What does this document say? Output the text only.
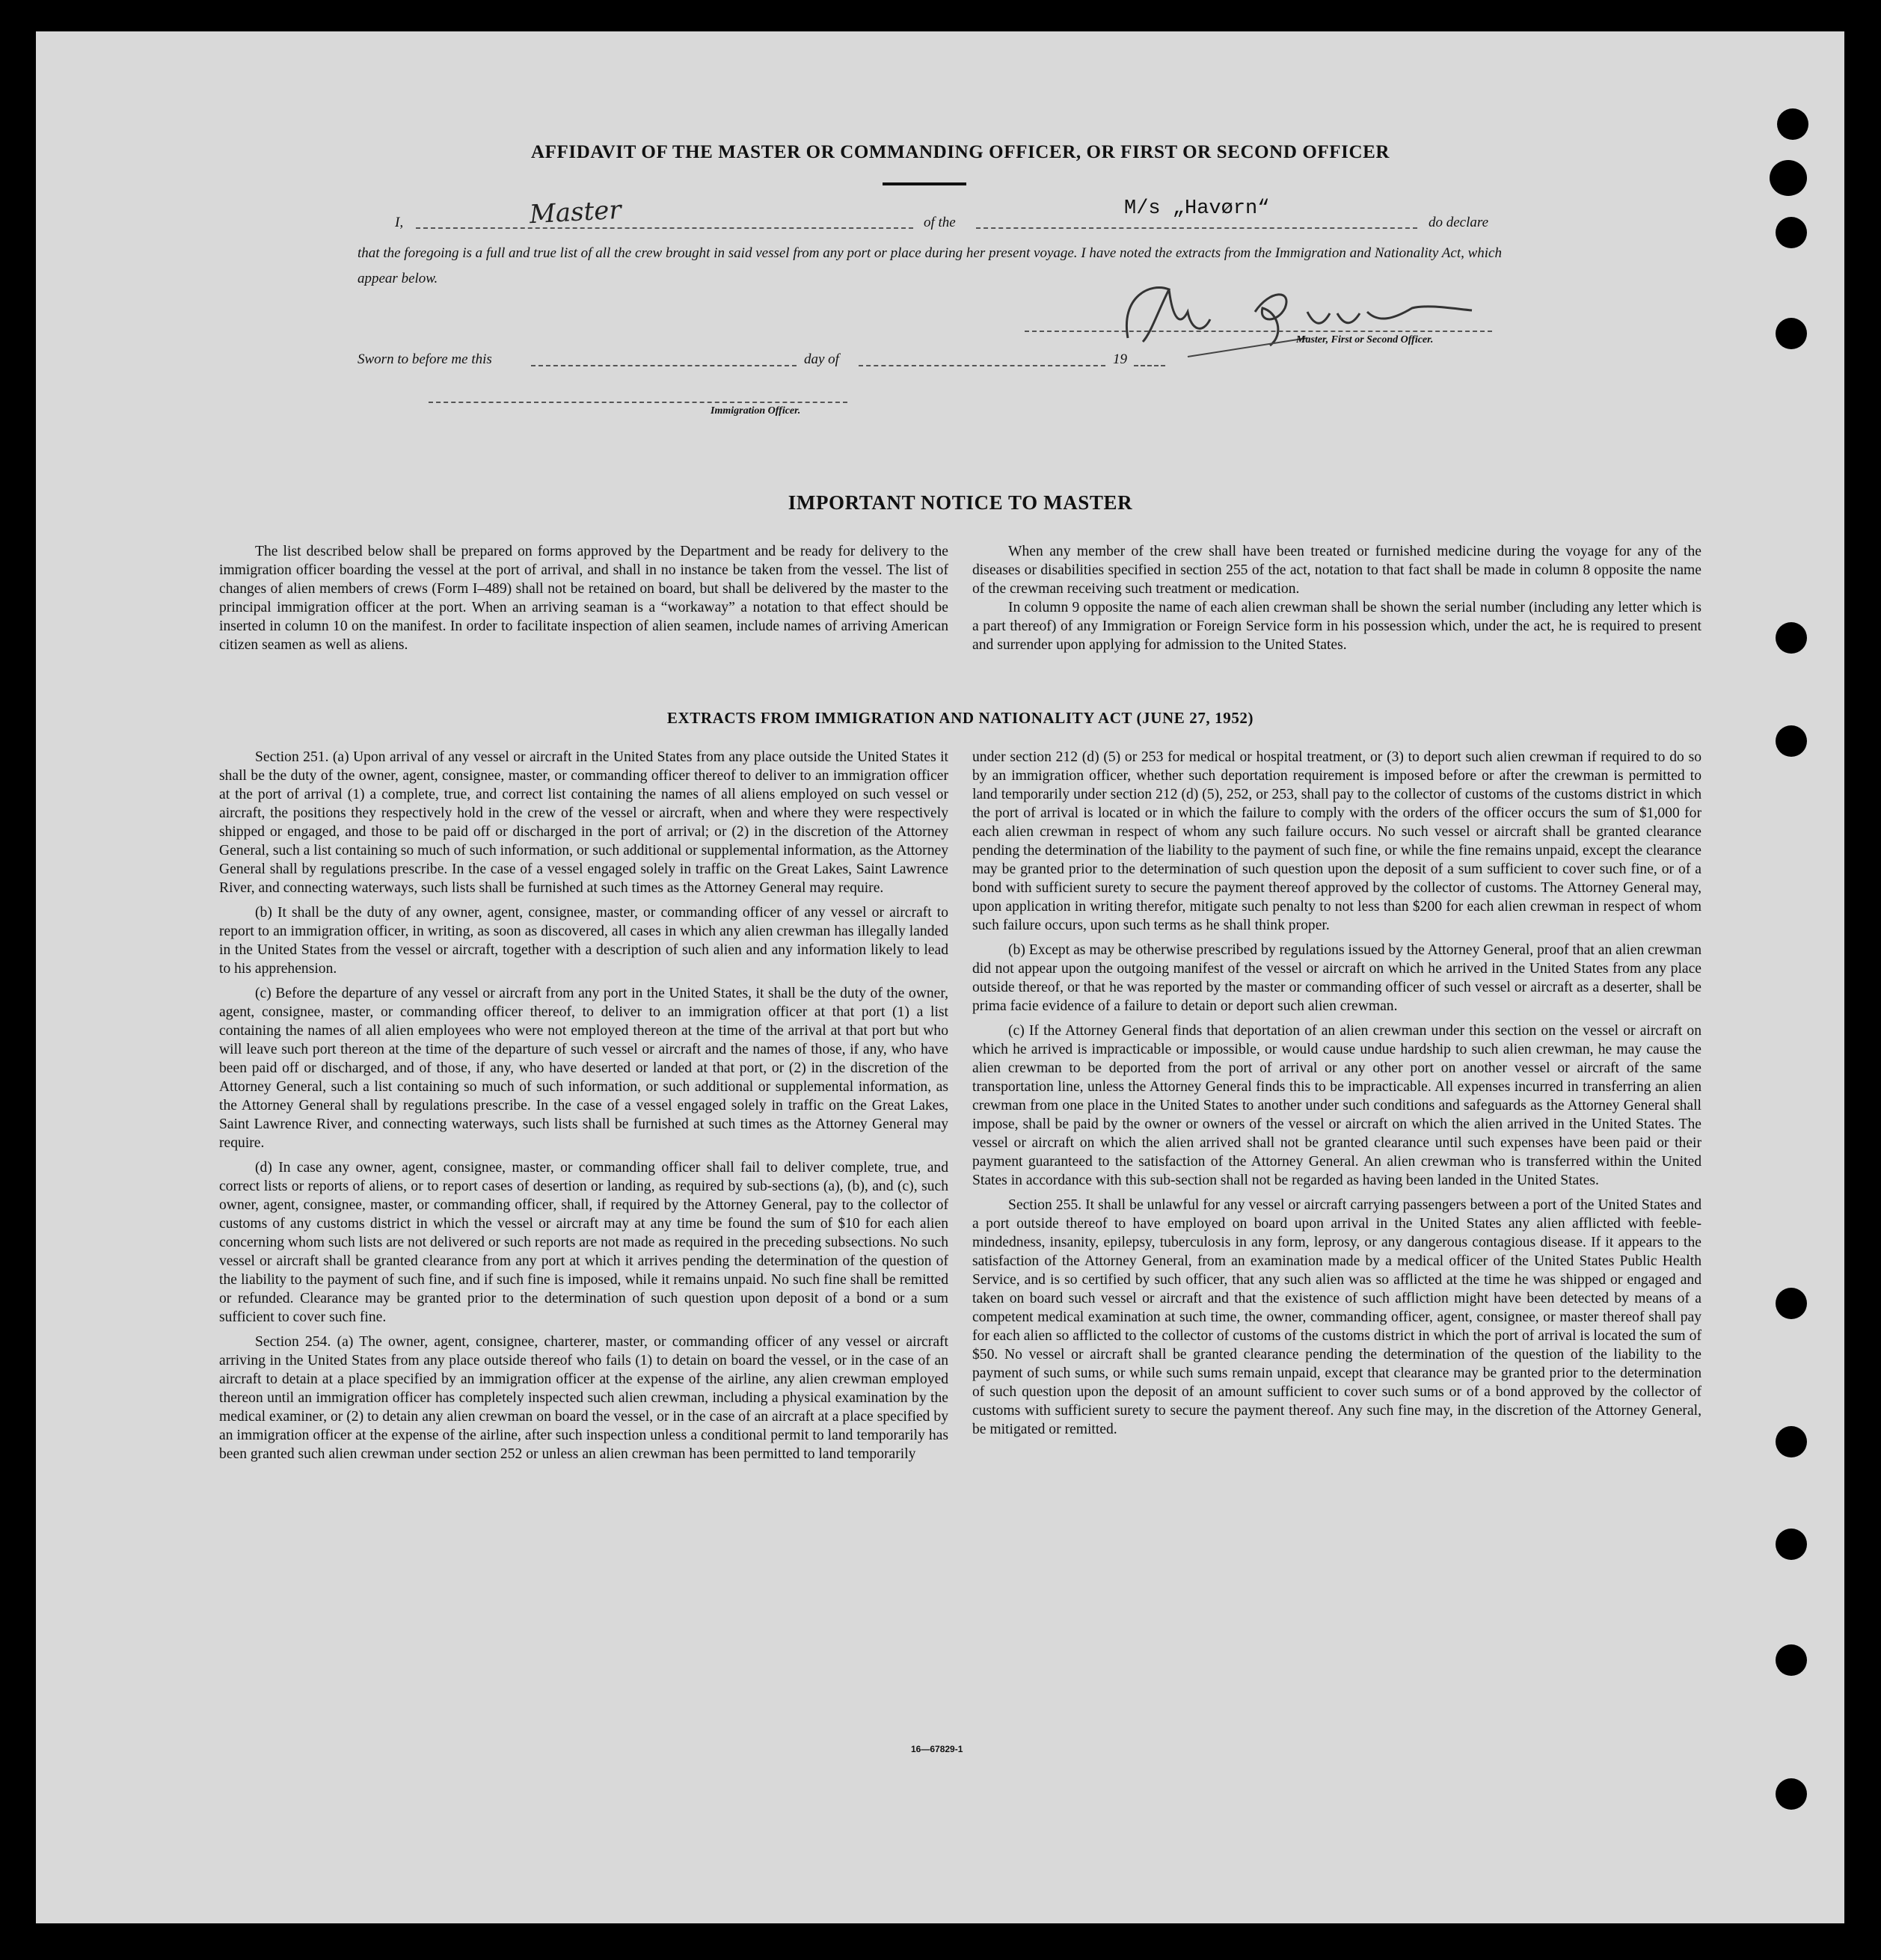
AFFIDAVIT OF THE MASTER OR COMMANDING OFFICER, OR FIRST OR SECOND OFFICER
I,	Master	of the
M/s „Havørn“
do declare
that the foregoing is a full and true list of all the crew brought in said vessel from any port or place during her present voyage. I have noted the extracts from the Immigration and Nationality Act, which appear below.
Master, First or Second Officer.
Sworn to before me this	day of	19
Immigration Officer.
IMPORTANT NOTICE TO MASTER

The list described below shall be prepared on forms approved by the Department and be ready for delivery to the immigration officer boarding the vessel at the port of arrival, and shall in no instance be taken from the vessel. The list of changes of alien members of crews (Form I–489) shall not be retained on board, but shall be delivered by the master to the principal immigration officer at the port. When an arriving seaman is a “workaway” a notation to that effect should be inserted in column 10 on the manifest. In order to facilitate inspection of alien seamen, include names of arriving American citizen seamen as well as aliens.

When any member of the crew shall have been treated or furnished medicine during the voyage for any of the diseases or disabilities specified in section 255 of the act, notation to that fact shall be made in column 8 opposite the name of the crewman receiving such treatment or medication.

In column 9 opposite the name of each alien crewman shall be shown the serial number (including any letter which is a part thereof) of any Immigration or Foreign Service form in his possession which, under the act, he is required to present and surrender upon applying for admission to the United States.

EXTRACTS FROM IMMIGRATION AND NATIONALITY ACT (JUNE 27, 1952)

Section 251. (a) Upon arrival of any vessel or aircraft in the United States from any place outside the United States it shall be the duty of the owner, agent, consignee, master, or commanding officer thereof to deliver to an immigration officer at the port of arrival (1) a complete, true, and correct list containing the names of all aliens employed on such vessel or aircraft, the positions they respectively hold in the crew of the vessel or aircraft, when and where they were respectively shipped or engaged, and those to be paid off or discharged in the port of arrival; or (2) in the discretion of the Attorney General, such a list containing so much of such information, or such additional or supplemental information, as the Attorney General shall by regulations prescribe. In the case of a vessel engaged solely in traffic on the Great Lakes, Saint Lawrence River, and connecting waterways, such lists shall be furnished at such times as the Attorney General may require.

(b) It shall be the duty of any owner, agent, consignee, master, or commanding officer of any vessel or aircraft to report to an immigration officer, in writing, as soon as discovered, all cases in which any alien crewman has illegally landed in the United States from the vessel or aircraft, together with a description of such alien and any information likely to lead to his apprehension.

(c) Before the departure of any vessel or aircraft from any port in the United States, it shall be the duty of the owner, agent, consignee, master, or commanding officer thereof, to deliver to an immigration officer at that port (1) a list containing the names of all alien employees who were not employed thereon at the time of the arrival at that port but who will leave such port thereon at the time of the departure of such vessel or aircraft and the names of those, if any, who have been paid off or discharged, and of those, if any, who have deserted or landed at that port, or (2) in the discretion of the Attorney General, such a list containing so much of such information, or such additional or supplemental information, as the Attorney General shall by regulations prescribe. In the case of a vessel engaged solely in traffic on the Great Lakes, Saint Lawrence River, and connecting waterways, such lists shall be furnished at such times as the Attorney General may require.

(d) In case any owner, agent, consignee, master, or commanding officer shall fail to deliver complete, true, and correct lists or reports of aliens, or to report cases of desertion or landing, as required by sub-sections (a), (b), and (c), such owner, agent, consignee, master, or commanding officer, shall, if required by the Attorney General, pay to the collector of customs of any customs district in which the vessel or aircraft may at any time be found the sum of $10 for each alien concerning whom such lists are not delivered or such reports are not made as required in the preceding subsections. No such vessel or aircraft shall be granted clearance from any port at which it arrives pending the determination of the question of the liability to the payment of such fine, and if such fine is imposed, while it remains unpaid. No such fine shall be remitted or refunded. Clearance may be granted prior to the determination of such question upon deposit of a bond or a sum sufficient to cover such fine.

Section 254. (a) The owner, agent, consignee, charterer, master, or commanding officer of any vessel or aircraft arriving in the United States from any place outside thereof who fails (1) to detain on board the vessel, or in the case of an aircraft to detain at a place specified by an immigration officer at the expense of the airline, any alien crewman employed thereon until an immigration officer has completely inspected such alien crewman, including a physical examination by the medical examiner, or (2) to detain any alien crewman on board the vessel, or in the case of an aircraft at a place specified by an immigration officer at the expense of the airline, after such inspection unless a conditional permit to land temporarily has been granted such alien crewman under section 252 or unless an alien crewman has been permitted to land temporarily

under section 212 (d) (5) or 253 for medical or hospital treatment, or (3) to deport such alien crewman if required to do so by an immigration officer, whether such deportation requirement is imposed before or after the crewman is permitted to land temporarily under section 212 (d) (5), 252, or 253, shall pay to the collector of customs of the customs district in which the port of arrival is located or in which the failure to comply with the orders of the officer occurs the sum of $1,000 for each alien crewman in respect of whom any such failure occurs. No such vessel or aircraft shall be granted clearance pending the determination of the liability to the payment of such fine, or while the fine remains unpaid, except the clearance may be granted prior to the determination of such question upon the deposit of a sum sufficient to cover such fine, or of a bond with sufficient surety to secure the payment thereof approved by the collector of customs. The Attorney General may, upon application in writing therefor, mitigate such penalty to not less than $200 for each alien crewman in respect of whom such failure occurs, upon such terms as he shall think proper.

(b) Except as may be otherwise prescribed by regulations issued by the Attorney General, proof that an alien crewman did not appear upon the outgoing manifest of the vessel or aircraft on which he arrived in the United States from any place outside thereof, or that he was reported by the master or commanding officer of such vessel or aircraft as a deserter, shall be prima facie evidence of a failure to detain or deport such alien crewman.

(c) If the Attorney General finds that deportation of an alien crewman under this section on the vessel or aircraft on which he arrived is impracticable or impossible, or would cause undue hardship to such alien crewman, he may cause the alien crewman to be deported from the port of arrival or any other port on another vessel or aircraft of the same transportation line, unless the Attorney General finds this to be impracticable. All expenses incurred in transferring an alien crewman from one place in the United States to another under such conditions and safeguards as the Attorney General shall impose, shall be paid by the owner or owners of the vessel or aircraft on which the alien arrived in the United States. The vessel or aircraft on which the alien arrived shall not be granted clearance until such expenses have been paid or their payment guaranteed to the satisfaction of the Attorney General. An alien crewman who is transferred within the United States in accordance with this sub-section shall not be regarded as having been landed in the United States.

Section 255. It shall be unlawful for any vessel or aircraft carrying passengers between a port of the United States and a port outside thereof to have employed on board upon arrival in the United States any alien afflicted with feeble-mindedness, insanity, epilepsy, tuberculosis in any form, leprosy, or any dangerous contagious disease. If it appears to the satisfaction of the Attorney General, from an examination made by a medical officer of the United States Public Health Service, and is so certified by such officer, that any such alien was so afflicted at the time he was shipped or engaged and taken on board such vessel or aircraft and that the existence of such affliction might have been detected by means of a competent medical examination at such time, the owner, commanding officer, agent, consignee, or master thereof shall pay for each alien so afflicted to the collector of customs of the customs district in which the port of arrival is located the sum of $50. No vessel or aircraft shall be granted clearance pending the determination of the question of the liability to the payment of such sums, or while such sums remain unpaid, except that clearance may be granted prior to the determination of such question upon the deposit of an amount sufficient to cover such sums or of a bond approved by the collector of customs with sufficient surety to secure the payment thereof. Any such fine may, in the discretion of the Attorney General, be mitigated or remitted.

16—67829-1
